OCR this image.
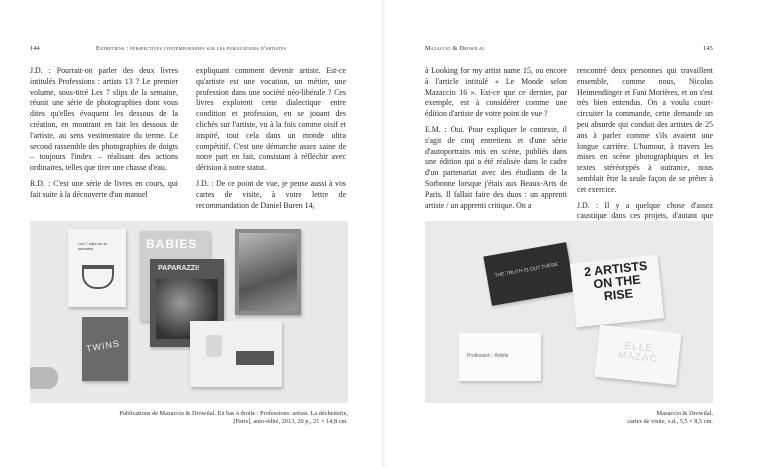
144	Entretiens : perspectives contemporaines sur les publications d'artistes

J.D. : Pourrait-on parler des deux livres intitulés Professions : artists 13 ? Le premier volume, sous-titré Les 7 slips de la semaine, réunit une série de photographies dont vous dites qu'elles évoquent les dessous de la création, en montrant en fait les dessous de l'artiste, au sens vestimentaire du terme. Le second rassemble des photographies de doigts – toujours l'index – réalisant des actions ordinaires, telles que tirer une chasse d'eau.

R.D. : C'est une série de livres en cours, qui fait suite à la découverte d'un manuel

expliquant comment devenir artiste. Est-ce qu'artiste est une vocation, un métier, une profession dans une société néo-libérale ? Ces livres explorent cette dialectique entre condition et profession, en se jouant des clichés sur l'artiste, vu à la fois comme oisif et inspiré, tout cela dans un monde ultra compétitif. C'est une démarche assez saine de notre part en fait, consistant à réfléchir avec dérision à notre statut.

J.D. : De ce point de vue, je pense aussi à vos cartes de visite, à votre lettre de recommandation de Daniel Buren 14,

Les 7 slips de la semaine	BABIES
PAPARAZZI!
TWINS
Publications de Mazaccio & Drowilal. En bas à droite : Professions: artists. La déchetterie,
[Paris], auto-édité, 2013, 20 p., 21 × 14,8 cm.
Mazaccio & Drowilal	145

à Looking for my artist name 15, ou encore à l'article intitulé « Le Monde selon Mazaccio 16 ». Est-ce que ce dernier, par exemple, est à considérer comme une édition d'artiste de votre point de vue ?

E.M. : Oui. Pour expliquer le contexte, il s'agit de cinq entretiens et d'une série d'autoportraits mis en scène, publiés dans une édition qui a été réalisée dans le cadre d'un partenariat avec des étudiants de la Sorbonne lorsque j'étais aux Beaux-Arts de Paris. Il fallait faire des duos : un apprenti artiste / un apprenti critique. On a

rencontré deux personnes qui travaillent ensemble, comme nous, Nicolas Heimendinger et Fani Morières, et on s'est très bien entendus. On a voulu court-circuiter la commande, cette demande un peu absurde qui conduit des artistes de 25 ans à parler comme s'ils avaient une longue carrière. L'humour, à travers les mises en scène photographiques et les textes stéréotypés à outrance, nous semblait être la seule façon de se prêter à cet exercice.

J.D. : Il y a quelque chose d'assez caustique dans ces projets, d'autant que

THE TRUTH IS OUT THERE	2 ARTISTS ON THE RISE
Profession : Artiste
ELLE MAZAC
Mazaccio & Drowilal,
cartes de visite, s.d., 5,5 × 8,5 cm.
